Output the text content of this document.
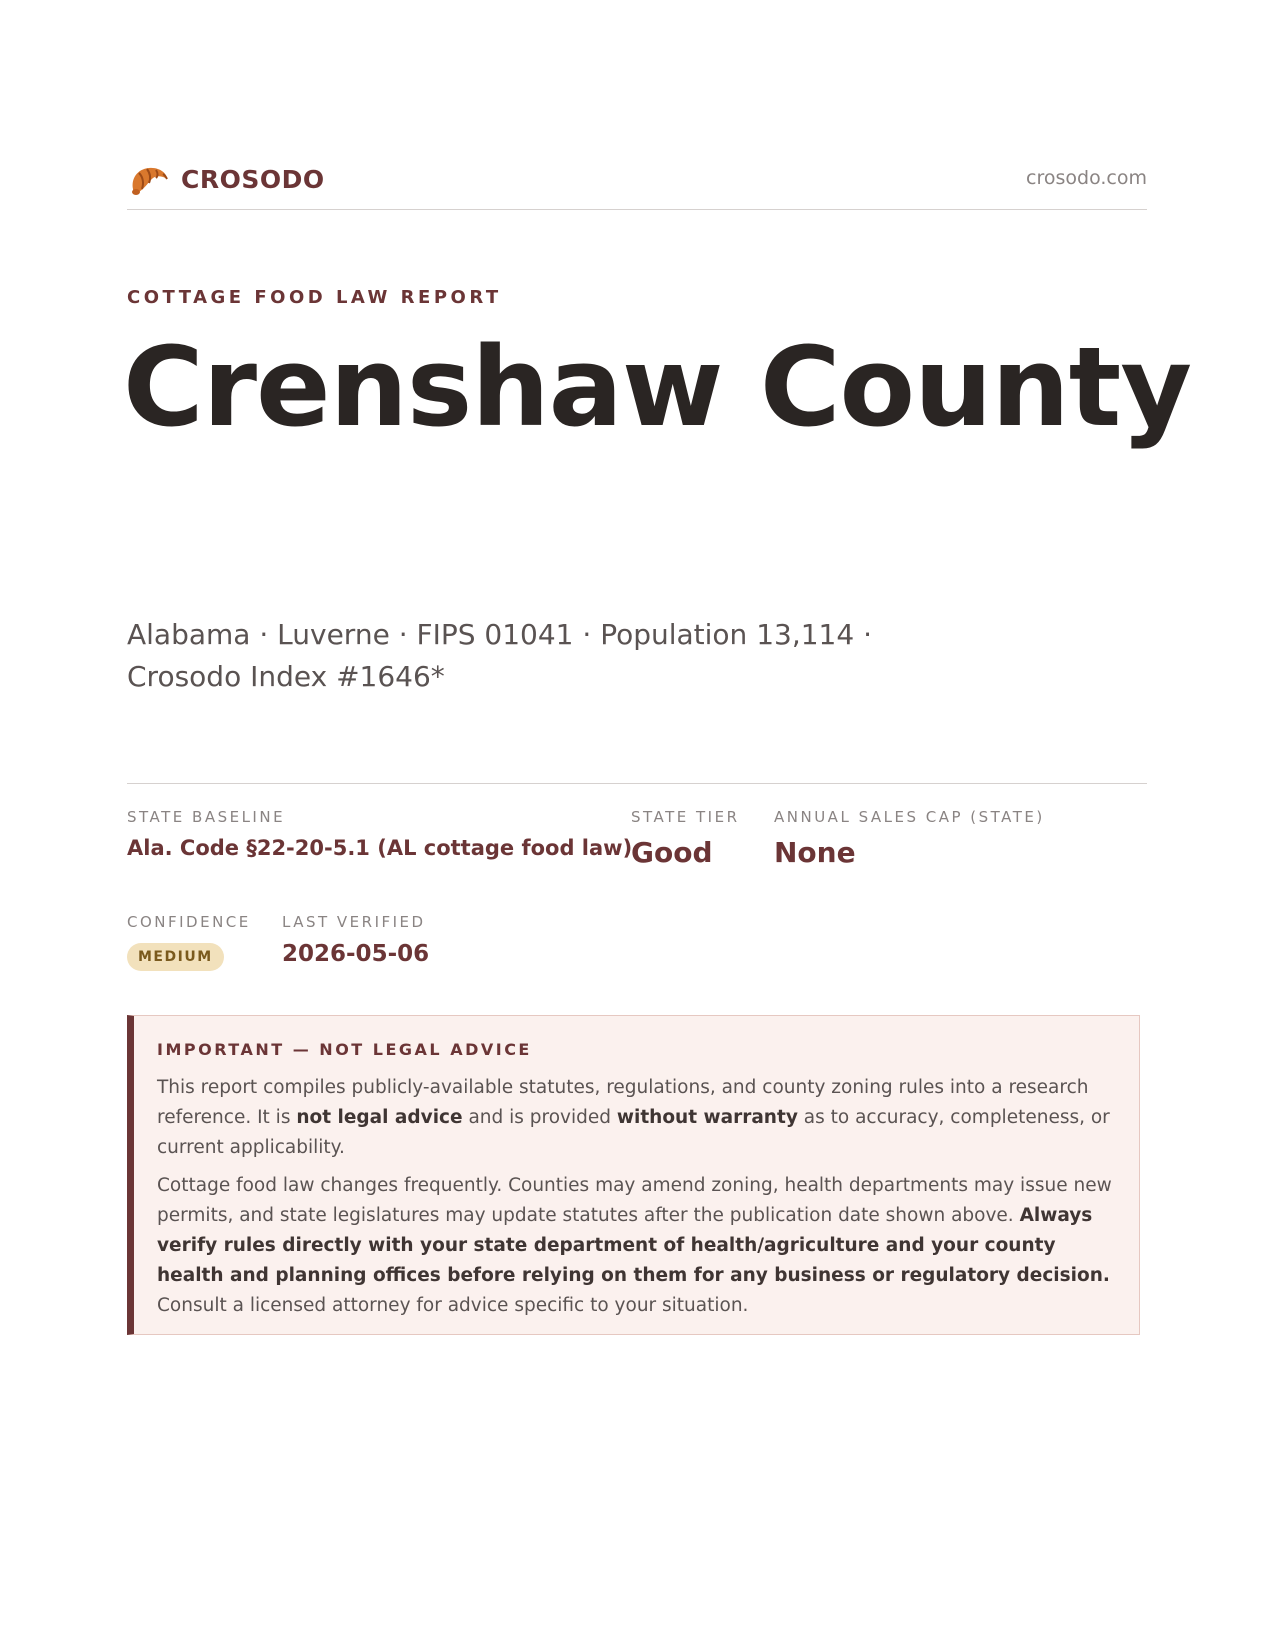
CROSODO	crosodo.com
COTTAGE FOOD LAW REPORT
Crenshaw County
Alabama · Luverne · FIPS 01041 · Population 13,114 · Crosodo Index #1646*
STATE BASELINE
Ala. Code §22-20-5.1 (AL cottage food law)
STATE TIER
Good
ANNUAL SALES CAP (STATE)
None
CONFIDENCE
MEDIUM
LAST VERIFIED
2026-05-06
IMPORTANT — NOT LEGAL ADVICE

This report compiles publicly-available statutes, regulations, and county zoning rules into a research reference. It is not legal advice and is provided without warranty as to accuracy, completeness, or current applicability.

Cottage food law changes frequently. Counties may amend zoning, health departments may issue new permits, and state legislatures may update statutes after the publication date shown above. Always verify rules directly with your state department of health/agriculture and your county health and planning offices before relying on them for any business or regulatory decision. Consult a licensed attorney for advice specific to your situation.
